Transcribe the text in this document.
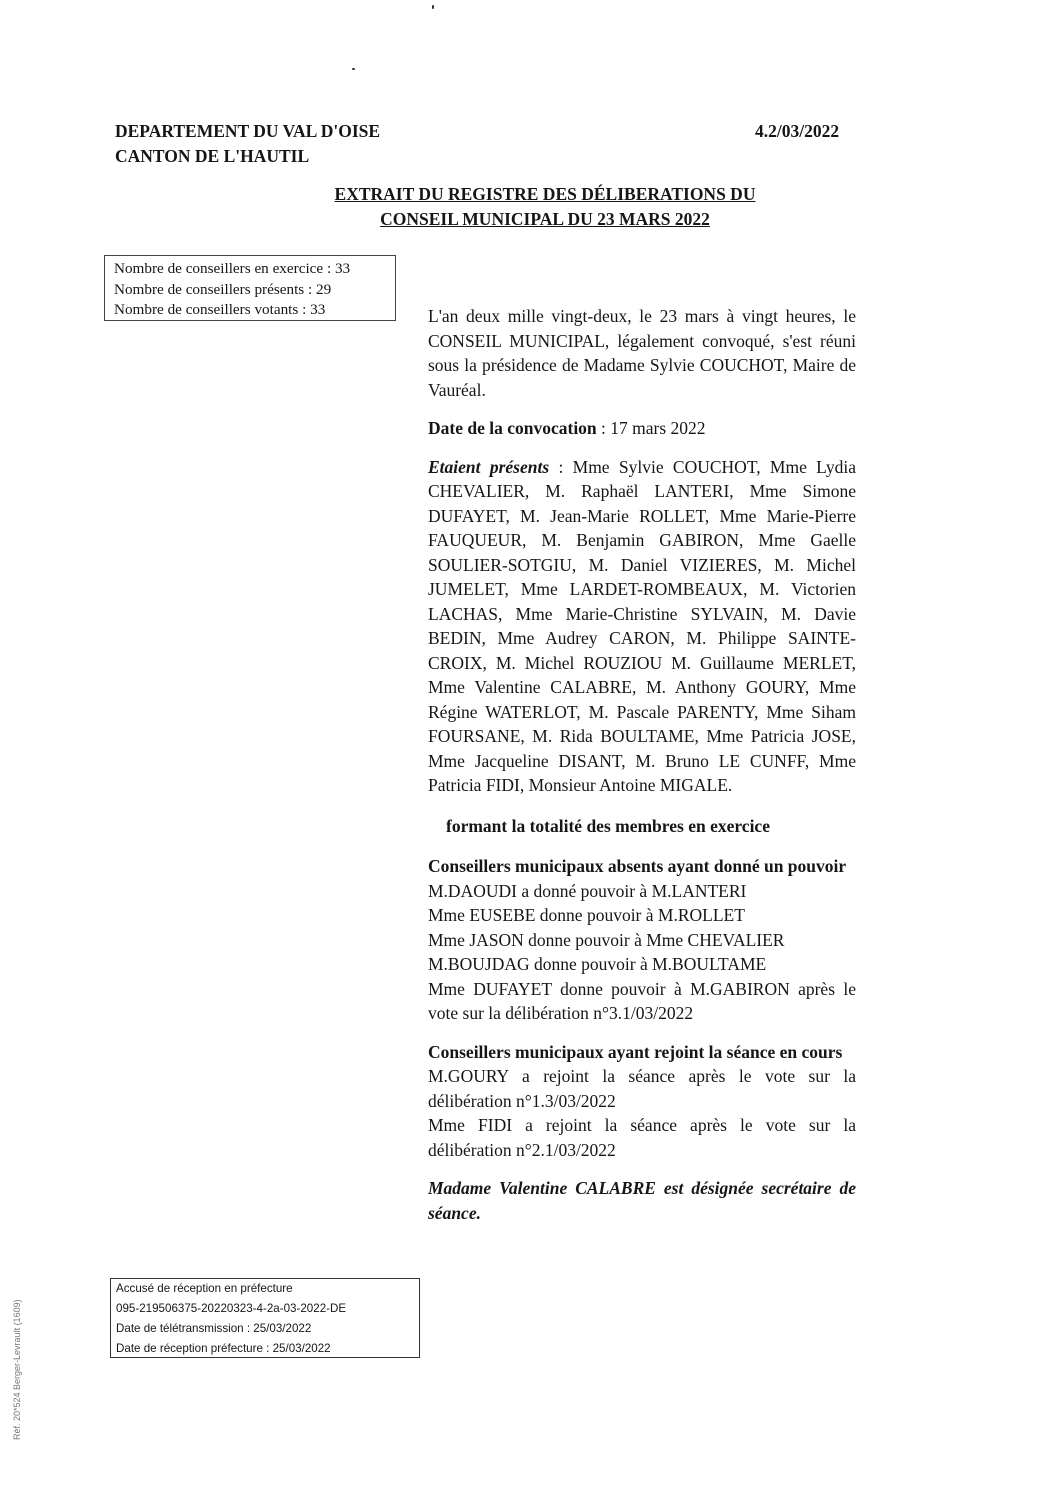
DEPARTEMENT DU VAL D'OISE
CANTON DE L'HAUTIL
4.2/03/2022
EXTRAIT DU REGISTRE DES DÉLIBERATIONS DU
CONSEIL MUNICIPAL DU 23 MARS 2022
Nombre de conseillers en exercice : 33
Nombre de conseillers présents : 29
Nombre de conseillers votants : 33	L'an deux mille vingt-deux, le 23 mars à vingt heures, le CONSEIL MUNICIPAL, légalement convoqué, s'est réuni sous la présidence de Madame Sylvie COUCHOT, Maire de Vauréal.
Date de la convocation : 17 mars 2022
Etaient présents : Mme Sylvie COUCHOT, Mme Lydia CHEVALIER, M. Raphaël LANTERI, Mme Simone DUFAYET, M. Jean-Marie ROLLET, Mme Marie-Pierre FAUQUEUR, M. Benjamin GABIRON, Mme Gaelle SOULIER-SOTGIU, M. Daniel VIZIERES, M. Michel JUMELET, Mme LARDET-ROMBEAUX, M. Victorien LACHAS, Mme Marie-Christine SYLVAIN, M. Davie BEDIN, Mme Audrey CARON, M. Philippe SAINTE-CROIX, M. Michel ROUZIOU M. Guillaume MERLET, Mme Valentine CALABRE, M. Anthony GOURY, Mme Régine WATERLOT, M. Pascale PARENTY, Mme Siham FOURSANE, M. Rida BOULTAME, Mme Patricia JOSE, Mme Jacqueline DISANT, M. Bruno LE CUNFF, Mme Patricia FIDI, Monsieur Antoine MIGALE.
formant la totalité des membres en exercice
Conseillers municipaux absents ayant donné un pouvoir
M.DAOUDI a donné pouvoir à M.LANTERI
Mme EUSEBE donne pouvoir à M.ROLLET
Mme JASON donne pouvoir à Mme CHEVALIER
M.BOUJDAG donne pouvoir à M.BOULTAME
Mme DUFAYET donne pouvoir à M.GABIRON après le vote sur la délibération n°3.1/03/2022
Conseillers municipaux ayant rejoint la séance en cours
M.GOURY a rejoint la séance après le vote sur la délibération n°1.3/03/2022
Mme FIDI a rejoint la séance après le vote sur la délibération n°2.1/03/2022
Madame Valentine CALABRE est désignée secrétaire de séance.
Accusé de réception en préfecture
095-219506375-20220323-4-2a-03-2022-DE
Date de télétransmission : 25/03/2022
Date de réception préfecture : 25/03/2022
Réf. 20*524 Berger-Levrault (1609)
